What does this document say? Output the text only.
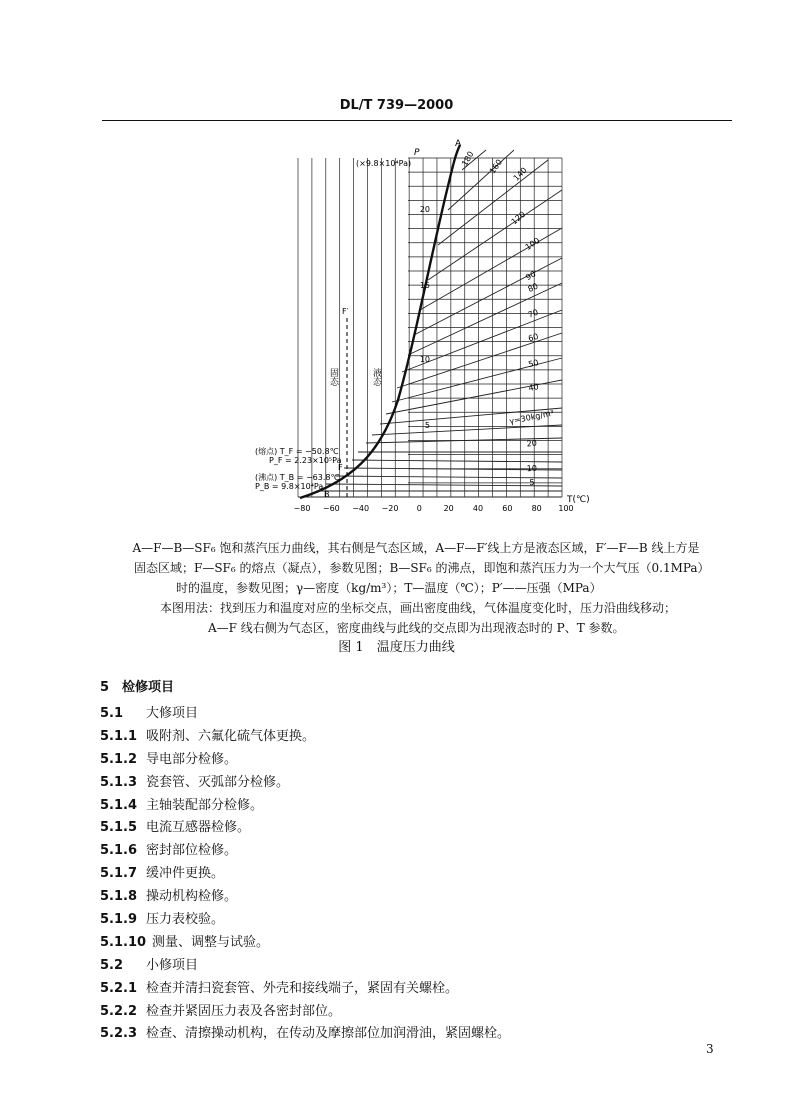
DL/T 739—2000
(×9.8×10⁴Pa)
P
T(℃)
−80 −60 −40 −20 0	20 40 60 80 100
5
10
15
20
A
F
B
F′
固态	液态
(熔点) T_F = −50.8℃
P_F = 2.23×10⁵Pa
(沸点) T_B = −63.8℃
P_B = 9.8×10⁴Pa
γ=30kg/m³
180 160 140
120
100
90
80
70
60
50
40
20
10
5
A—F—B—SF₆ 饱和蒸汽压力曲线，其右侧是气态区域，A—F—F′线上方是液态区域，F′—F—B 线上方是
固态区域；F—SF₆ 的熔点（凝点），参数见图；B—SF₆ 的沸点，即饱和蒸汽压力为一个大气压（0.1MPa）
时的温度，参数见图；γ—密度（kg/m³）；T—温度（℃）；P′——压强（MPa）
本图用法：找到压力和温度对应的坐标交点，画出密度曲线，气体温度变化时，压力沿曲线移动；
A—F 线右侧为气态区，密度曲线与此线的交点即为出现液态时的 P、T 参数。
图 1　温度压力曲线
5　检修项目
5.1 大修项目
5.1.1 吸附剂、六氟化硫气体更换。
5.1.2 导电部分检修。
5.1.3 瓷套管、灭弧部分检修。
5.1.4 主轴装配部分检修。
5.1.5 电流互感器检修。
5.1.6 密封部位检修。
5.1.7 缓冲件更换。
5.1.8 操动机构检修。
5.1.9 压力表校验。
5.1.10 测量、调整与试验。
5.2 小修项目
5.2.1 检查并清扫瓷套管、外壳和接线端子，紧固有关螺栓。
5.2.2 检查并紧固压力表及各密封部位。
5.2.3 检查、清擦操动机构，在传动及摩擦部位加润滑油，紧固螺栓。
3
